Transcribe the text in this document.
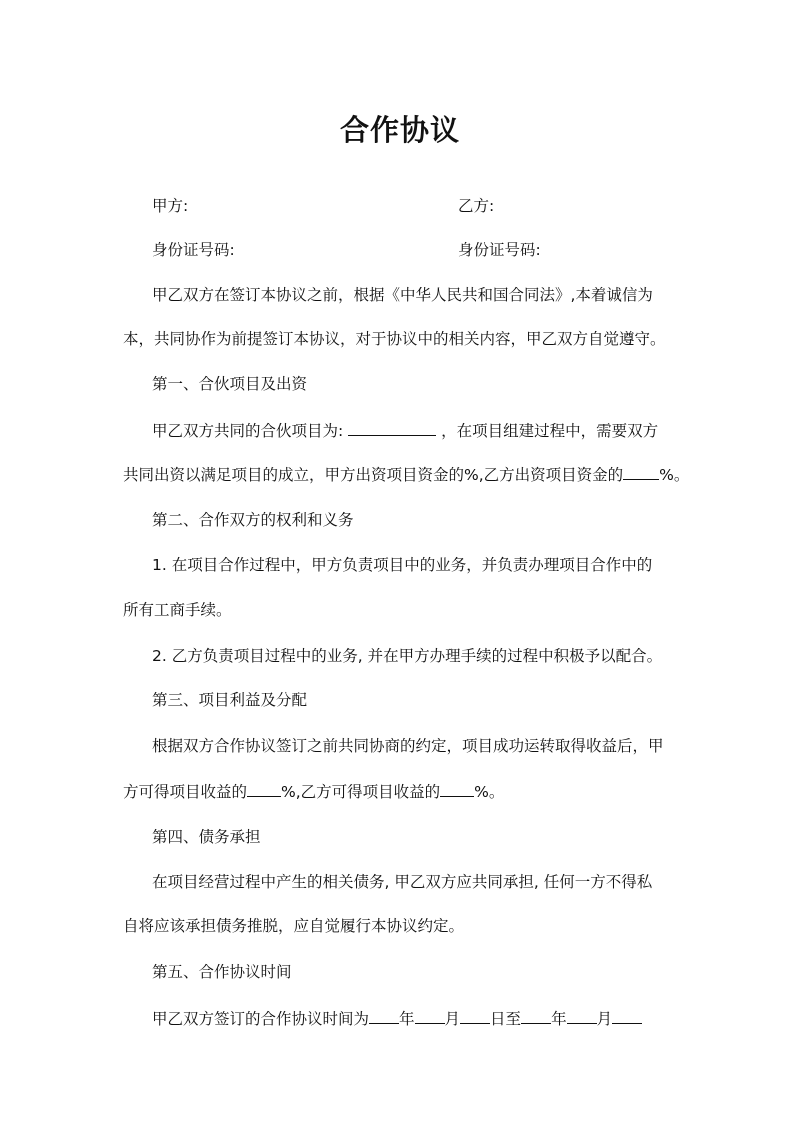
合作协议
甲方:	乙方:
身份证号码:	身份证号码:
甲乙双方在签订本协议之前，根据《中华人民共和国合同法》,本着诚信为
本，共同协作为前提签订本协议，对于协议中的相关内容，甲乙双方自觉遵守。
第一、合伙项目及出资
甲乙双方共同的合伙项目为:	，在项目组建过程中，需要双方
共同出资以满足项目的成立，甲方出资项目资金的%,乙方出资项目资金的 %。
第二、合作双方的权利和义务
1. 在项目合作过程中，甲方负责项目中的业务，并负责办理项目合作中的
所有工商手续。
2. 乙方负责项目过程中的业务, 并在甲方办理手续的过程中积极予以配合。
第三、项目利益及分配
根据双方合作协议签订之前共同协商的约定，项目成功运转取得收益后，甲
方可得项目收益的 %,乙方可得项目收益的 %。
第四、债务承担
在项目经营过程中产生的相关债务, 甲乙双方应共同承担, 任何一方不得私
自将应该承担债务推脱，应自觉履行本协议约定。
第五、合作协议时间
甲乙双方签订的合作协议时间为 年 月 日至 年 月
